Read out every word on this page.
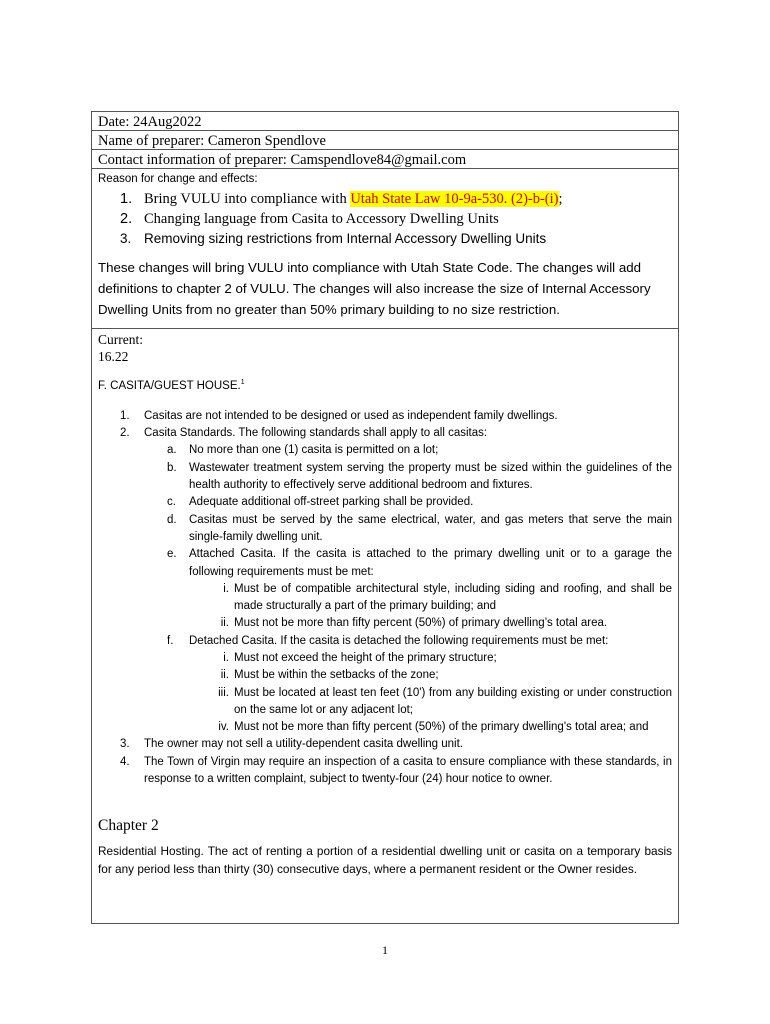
Date: 24Aug2022
Name of preparer: Cameron Spendlove
Contact information of preparer: Camspendlove84@gmail.com
Reason for change and effects:
1. Bring VULU into compliance with Utah State Law 10-9a-530. (2)-b-(i);
2. Changing language from Casita to Accessory Dwelling Units
3. Removing sizing restrictions from Internal Accessory Dwelling Units
These changes will bring VULU into compliance with Utah State Code. The changes will add definitions to chapter 2 of VULU. The changes will also increase the size of Internal Accessory Dwelling Units from no greater than 50% primary building to no size restriction.
Current:
16.22
F. CASITA/GUEST HOUSE.$^1$
1. Casitas are not intended to be designed or used as independent family dwellings.
2. Casita Standards. The following standards shall apply to all casitas:
a. No more than one (1) casita is permitted on a lot;
b. Wastewater treatment system serving the property must be sized within the guidelines of the health authority to effectively serve additional bedroom and fixtures.
c. Adequate additional off-street parking shall be provided.
d. Casitas must be served by the same electrical, water, and gas meters that serve the main single-family dwelling unit.
e. Attached Casita. If the casita is attached to the primary dwelling unit or to a garage the following requirements must be met:
i. Must be of compatible architectural style, including siding and roofing, and shall be made structurally a part of the primary building; and
ii. Must not be more than fifty percent (50%) of primary dwelling’s total area.
f. Detached Casita. If the casita is detached the following requirements must be met:
i. Must not exceed the height of the primary structure;
ii. Must be within the setbacks of the zone;
iii. Must be located at least ten feet (10') from any building existing or under construction on the same lot or any adjacent lot;
iv. Must not be more than fifty percent (50%) of the primary dwelling's total area; and
3. The owner may not sell a utility-dependent casita dwelling unit.
4. The Town of Virgin may require an inspection of a casita to ensure compliance with these standards, in response to a written complaint, subject to twenty-four (24) hour notice to owner.
Chapter 2
Residential Hosting. The act of renting a portion of a residential dwelling unit or casita on a temporary basis for any period less than thirty (30) consecutive days, where a permanent resident or the Owner resides.
1
